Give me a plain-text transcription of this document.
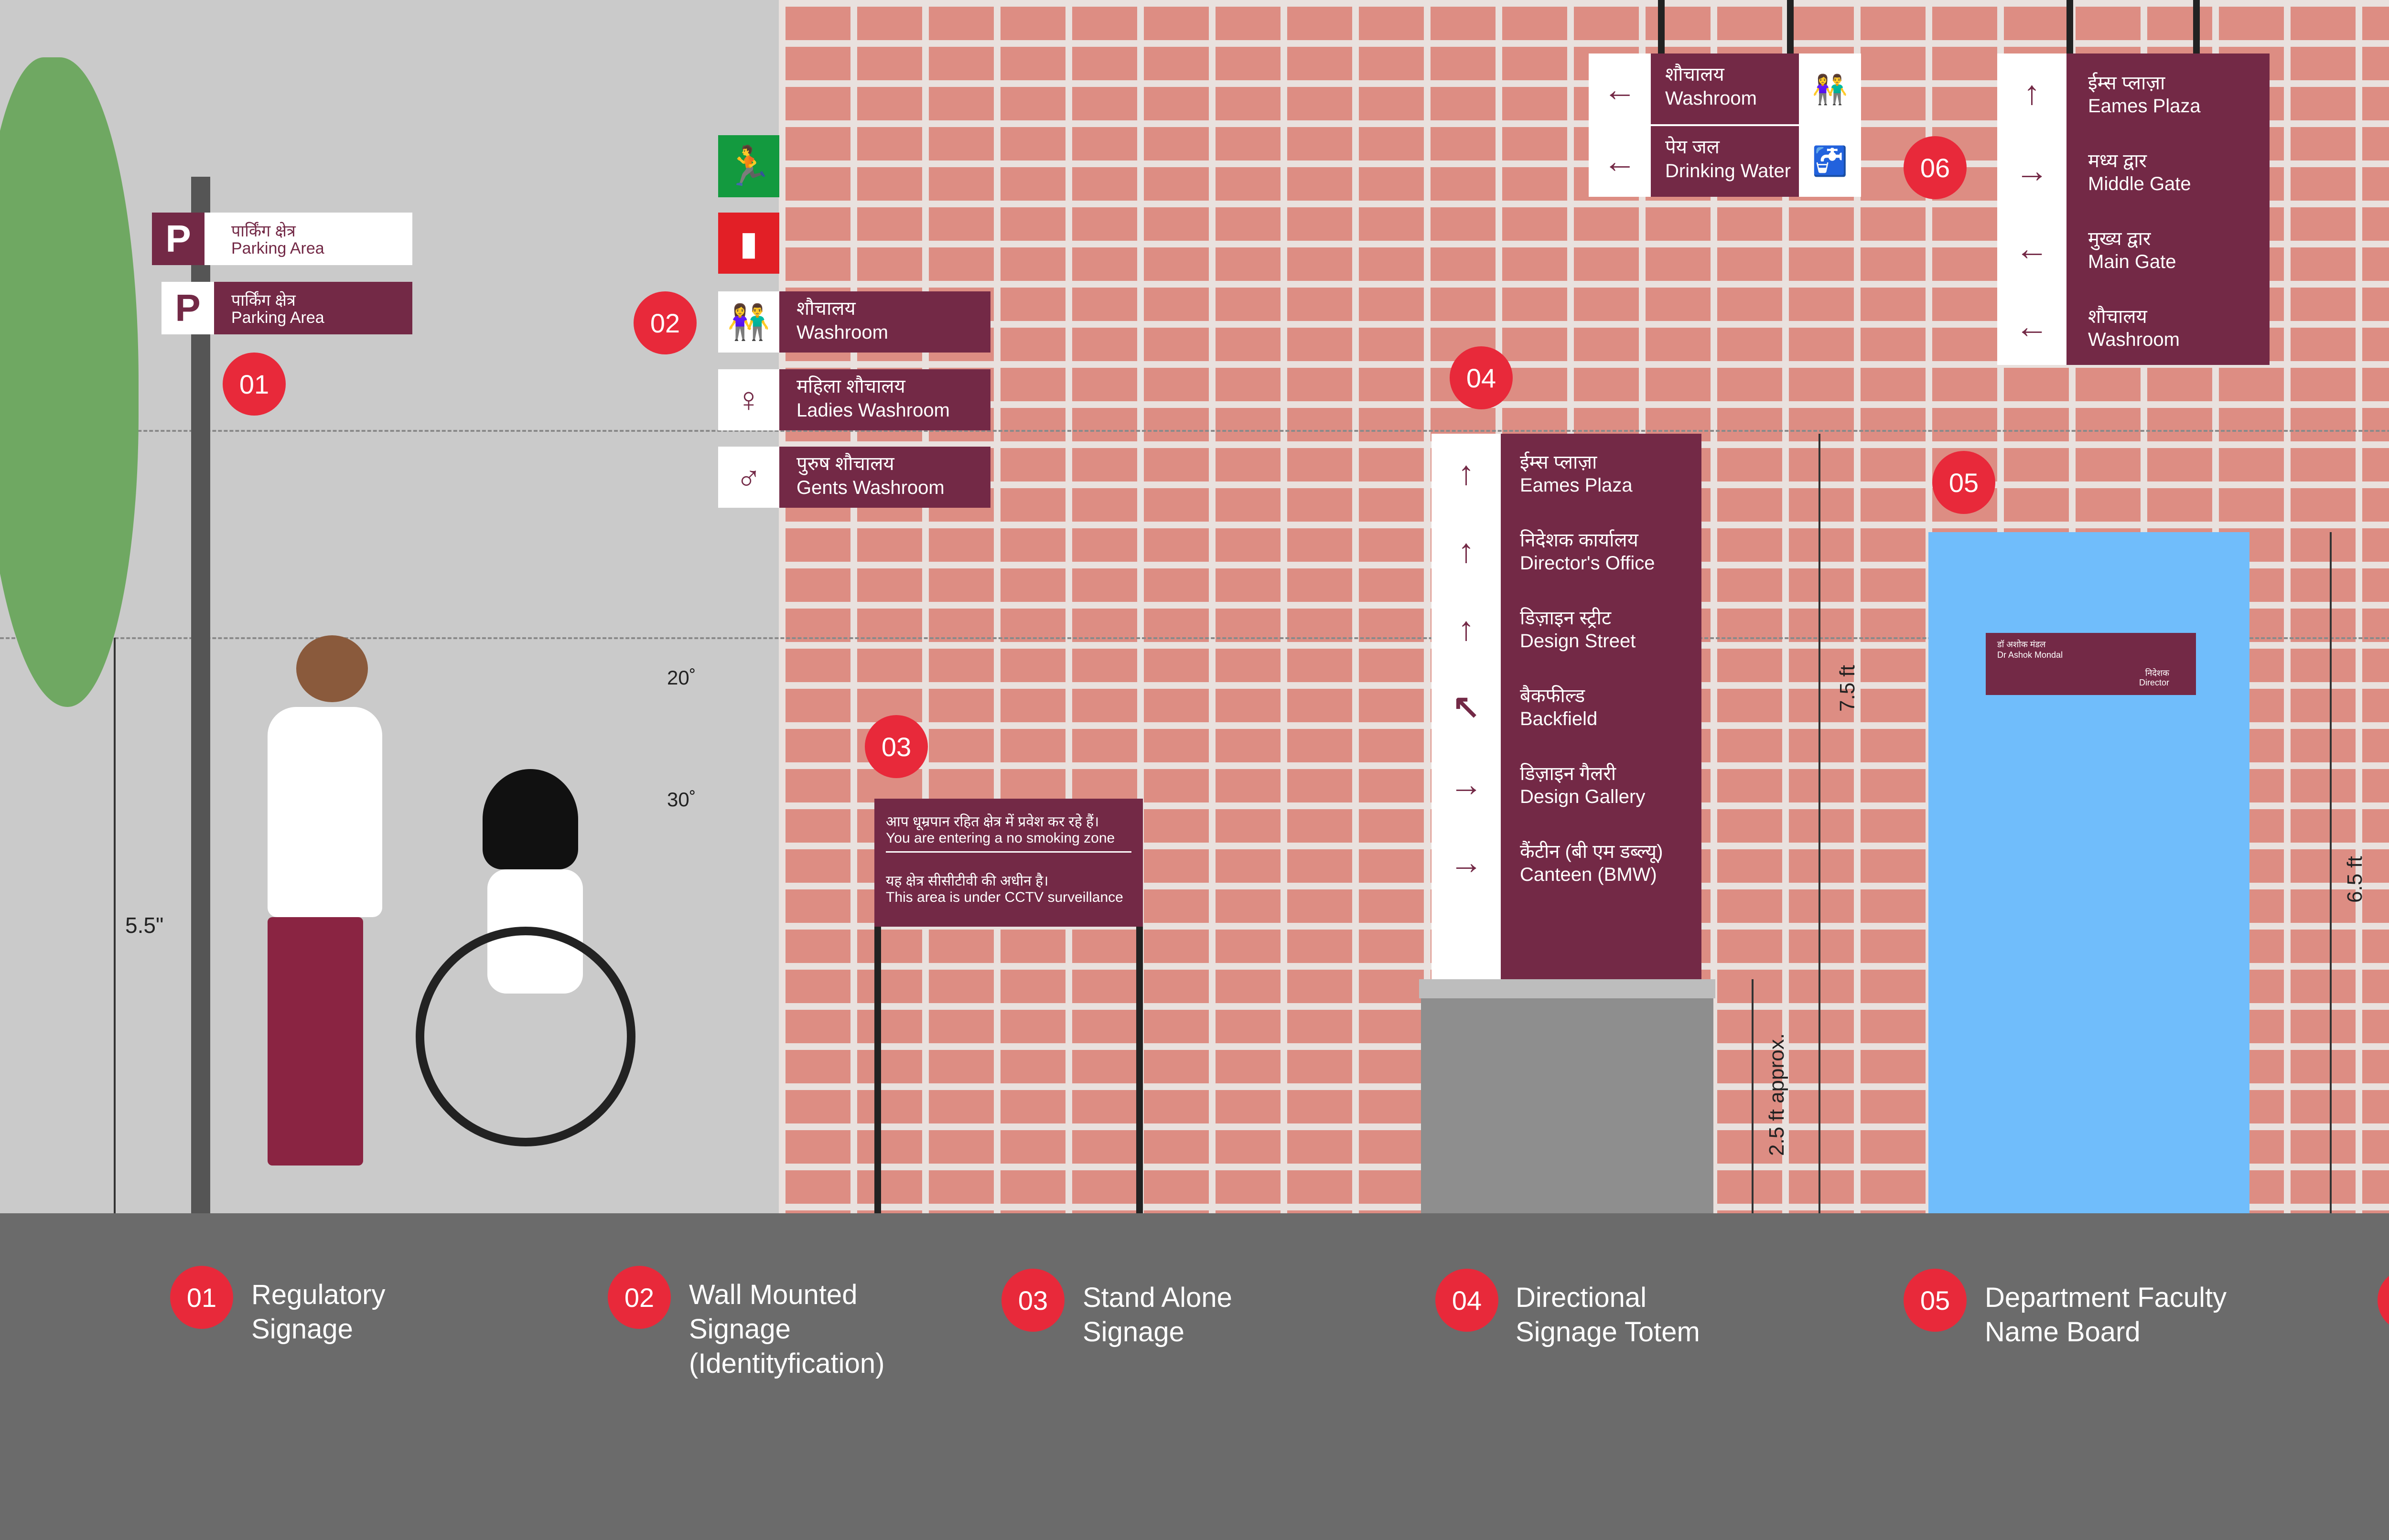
P	पार्किंग क्षेत्र
Parking Area
P	पार्किंग क्षेत्र
Parking Area
01
🏃
▮
02	👫	शौचालय
Washroom
♀	महिला शौचालय
Ladies Washroom
♂	पुरुष शौचालय
Gents Washroom
←	शौचालय
Washroom	👫
←	पेय जल
Drinking Water 🚰	06
↑	ईम्स प्लाज़ा
Eames Plaza
→	मध्य द्वार
Middle Gate
←	मुख्य द्वार
Main Gate
←	शौचालय
Washroom
04
↑	ईम्स प्लाज़ा
Eames Plaza
↑	निदेशक कार्यालय
Director's Office
↑	डिज़ाइन स्ट्रीट
Design Street
↖	बैकफील्ड
Backfield
→	डिज़ाइन गैलरी
Design Gallery
→	कैंटीन (बी एम डब्ल्यू)
Canteen (BMW)
05
डॉ अशोक मंडल
Dr Ashok Mondal
निदेशक
Director
03
आप धूम्रपान रहित क्षेत्र में प्रवेश कर रहे हैं।
You are entering a no smoking zone
यह क्षेत्र सीसीटीवी की अधीन है।
This area is under CCTV surveillance
5.5"
20˚
30˚
7.5 ft
2.5 ft approx.
6.5 ft
01	Regulatory
Signage
02	Wall Mounted
Signage
(Identityfication)
03	Stand Alone
Signage
04	Directional
Signage Totem
05	Department Faculty
Name Board
